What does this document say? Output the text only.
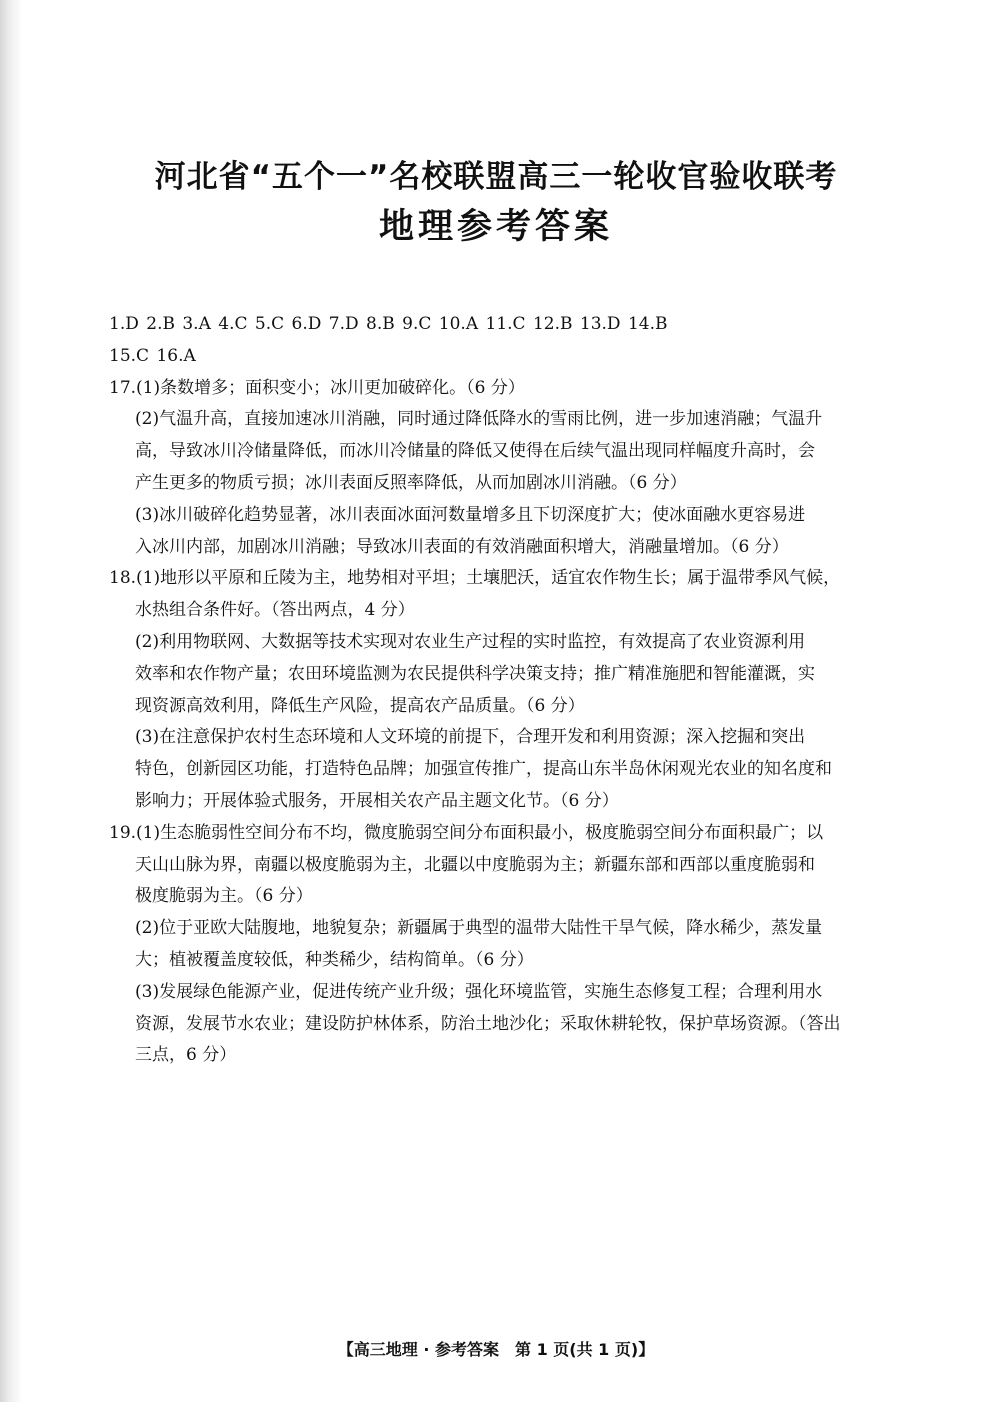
河北省“五个一”名校联盟高三一轮收官验收联考
地理参考答案
1.D 2.B 3.A 4.C 5.C 6.D 7.D 8.B 9.C 10.A 11.C 12.B 13.D 14.B
15.C 16.A
17.(1)条数增多；面积变小；冰川更加破碎化。（6 分）
(2)气温升高，直接加速冰川消融，同时通过降低降水的雪雨比例，进一步加速消融；气温升
高，导致冰川冷储量降低，而冰川冷储量的降低又使得在后续气温出现同样幅度升高时，会
产生更多的物质亏损；冰川表面反照率降低，从而加剧冰川消融。（6 分）
(3)冰川破碎化趋势显著，冰川表面冰面河数量增多且下切深度扩大；使冰面融水更容易进
入冰川内部，加剧冰川消融；导致冰川表面的有效消融面积增大，消融量增加。（6 分）
18.(1)地形以平原和丘陵为主，地势相对平坦；土壤肥沃，适宜农作物生长；属于温带季风气候，
水热组合条件好。（答出两点，4 分）
(2)利用物联网、大数据等技术实现对农业生产过程的实时监控，有效提高了农业资源利用
效率和农作物产量；农田环境监测为农民提供科学决策支持；推广精准施肥和智能灌溉，实
现资源高效利用，降低生产风险，提高农产品质量。（6 分）
(3)在注意保护农村生态环境和人文环境的前提下，合理开发和利用资源；深入挖掘和突出
特色，创新园区功能，打造特色品牌；加强宣传推广，提高山东半岛休闲观光农业的知名度和
影响力；开展体验式服务，开展相关农产品主题文化节。（6 分）
19.(1)生态脆弱性空间分布不均，微度脆弱空间分布面积最小，极度脆弱空间分布面积最广；以
天山山脉为界，南疆以极度脆弱为主，北疆以中度脆弱为主；新疆东部和西部以重度脆弱和
极度脆弱为主。（6 分）
(2)位于亚欧大陆腹地，地貌复杂；新疆属于典型的温带大陆性干旱气候，降水稀少，蒸发量
大；植被覆盖度较低，种类稀少，结构简单。（6 分）
(3)发展绿色能源产业，促进传统产业升级；强化环境监管，实施生态修复工程；合理利用水
资源，发展节水农业；建设防护林体系，防治土地沙化；采取休耕轮牧，保护草场资源。（答出
三点，6 分）
【高三地理 · 参考答案　第 1 页(共 1 页)】
